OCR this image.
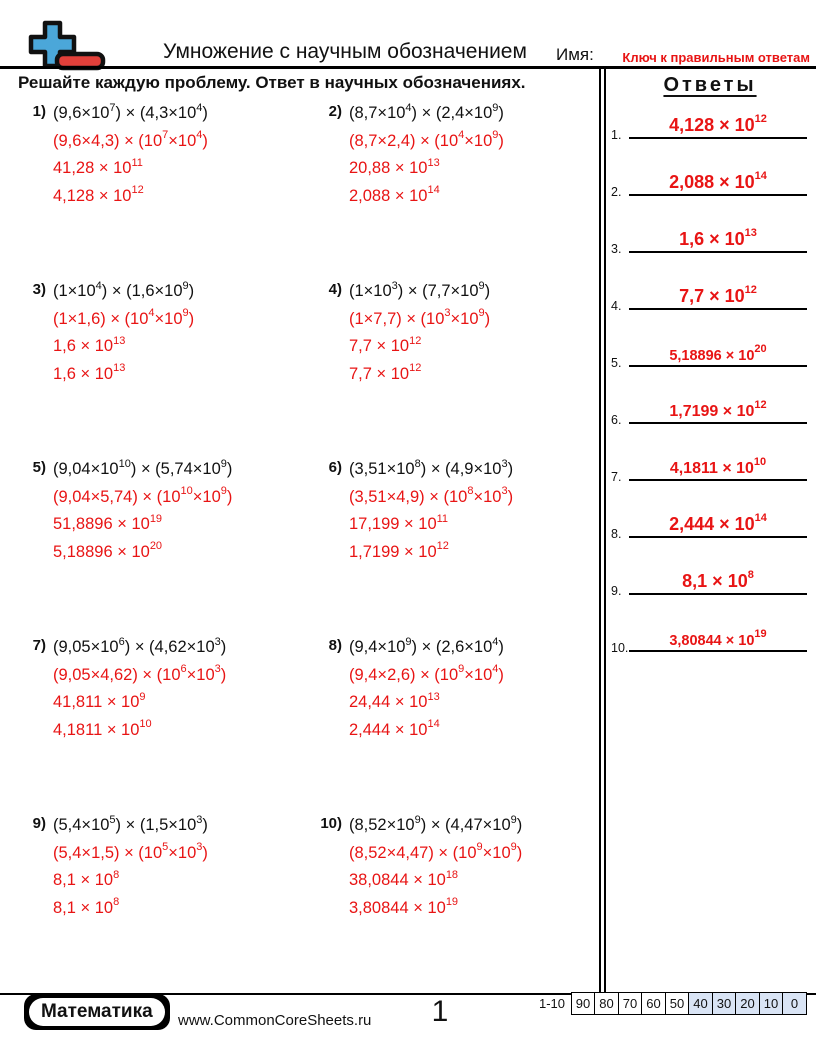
Умножение с научным обозначением	Имя: Ключ к правильным ответам
Решайте каждую проблему. Ответ в научных обозначениях.
1) $(9,6\times 10^7) \times (4,3\times 10^4)$
$(9,6\times 4,3) \times (10^7\times 10^4)$
$41,28 \times 10^{11}$
$4,128 \times 10^{12}$
2) $(8,7\times 10^4) \times (2,4\times 10^9)$
$(8,7\times 2,4) \times (10^4\times 10^9)$
$20,88 \times 10^{13}$
$2,088 \times 10^{14}$
3) $(1\times 10^4) \times (1,6\times 10^9)$
$(1\times 1,6) \times (10^4\times 10^9)$
$1,6 \times 10^{13}$
$1,6 \times 10^{13}$
4) $(1\times 10^3) \times (7,7\times 10^9)$
$(1\times 7,7) \times (10^3\times 10^9)$
$7,7 \times 10^{12}$
$7,7 \times 10^{12}$
5) $(9,04\times 10^{10}) \times (5,74\times 10^9)$
$(9,04\times 5,74) \times (10^{10}\times 10^9)$
$51,8896 \times 10^{19}$
$5,18896 \times 10^{20}$
6) $(3,51\times 10^8) \times (4,9\times 10^3)$
$(3,51\times 4,9) \times (10^8\times 10^3)$
$17,199 \times 10^{11}$
$1,7199 \times 10^{12}$
7) $(9,05\times 10^6) \times (4,62\times 10^3)$
$(9,05\times 4,62) \times (10^6\times 10^3)$
$41,811 \times 10^9$
$4,1811 \times 10^{10}$
8) $(9,4\times 10^9) \times (2,6\times 10^4)$
$(9,4\times 2,6) \times (10^9\times 10^4)$
$24,44 \times 10^{13}$
$2,444 \times 10^{14}$
9) $(5,4\times 10^5) \times (1,5\times 10^3)$
$(5,4\times 1,5) \times (10^5\times 10^3)$
$8,1 \times 10^8$
$8,1 \times 10^8$
10) $(8,52\times 10^9) \times (4,47\times 10^9)$
$(8,52\times 4,47) \times (10^9\times 10^9)$
$38,0844 \times 10^{18}$
$3,80844 \times 10^{19}$
Ответы
1.	$4,128 \times 10^{12}$
2.	$2,088 \times 10^{14}$
3.	$1,6 \times 10^{13}$
4.	$7,7 \times 10^{12}$
5.	$5,18896 \times 10^{20}$
6.	$1,7199 \times 10^{12}$
7.	$4,1811 \times 10^{10}$
8.	$2,444 \times 10^{14}$
9.	$8,1 \times 10^8$
10.	$3,80844 \times 10^{19}$
Математика	www.CommonCoreSheets.ru	1	1-10 90 80 70 60 50 40 30 20 10 0
